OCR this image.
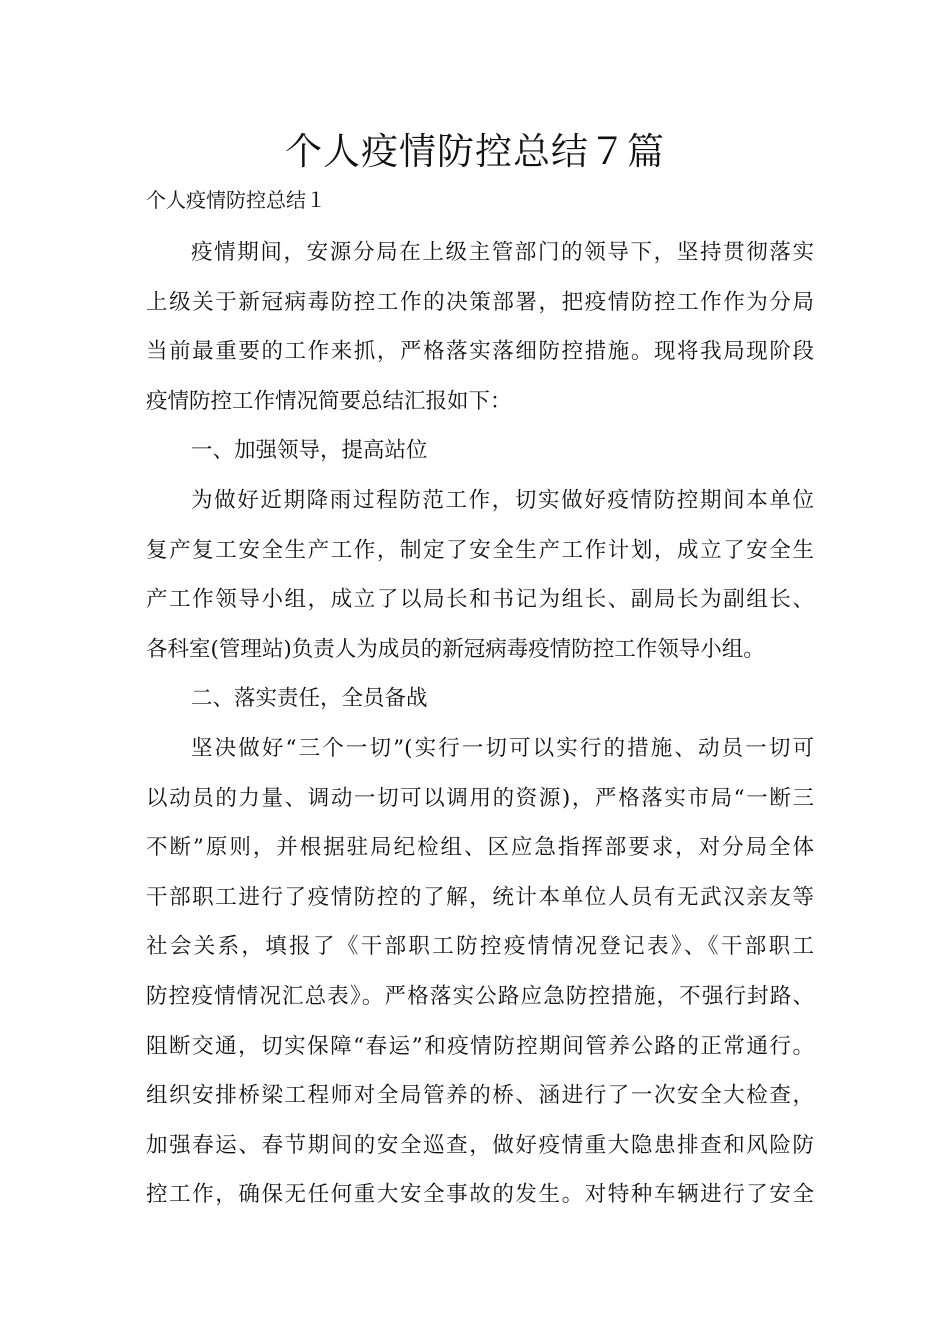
个人疫情防控总结７篇
个人疫情防控总结１
疫情期间，安源分局在上级主管部门的领导下，坚持贯彻落实
上级关于新冠病毒防控工作的决策部署，把疫情防控工作作为分局
当前最重要的工作来抓，严格落实落细防控措施。现将我局现阶段
疫情防控工作情况简要总结汇报如下：
一、加强领导，提高站位
为做好近期降雨过程防范工作，切实做好疫情防控期间本单位
复产复工安全生产工作，制定了安全生产工作计划，成立了安全生
产工作领导小组，成立了以局长和书记为组长、副局长为副组长、
各科室(管理站)负责人为成员的新冠病毒疫情防控工作领导小组。
二、落实责任，全员备战
坚决做好“三个一切”(实行一切可以实行的措施、动员一切可
以动员的力量、调动一切可以调用的资源)，严格落实市局“一断三
不断”原则，并根据驻局纪检组、区应急指挥部要求，对分局全体
干部职工进行了疫情防控的了解，统计本单位人员有无武汉亲友等
社会关系，填报了《干部职工防控疫情情况登记表》、《干部职工
防控疫情情况汇总表》。严格落实公路应急防控措施，不强行封路、
阻断交通，切实保障“春运”和疫情防控期间管养公路的正常通行。
组织安排桥梁工程师对全局管养的桥、涵进行了一次安全大检查，
加强春运、春节期间的安全巡查，做好疫情重大隐患排查和风险防
控工作，确保无任何重大安全事故的发生。对特种车辆进行了安全
